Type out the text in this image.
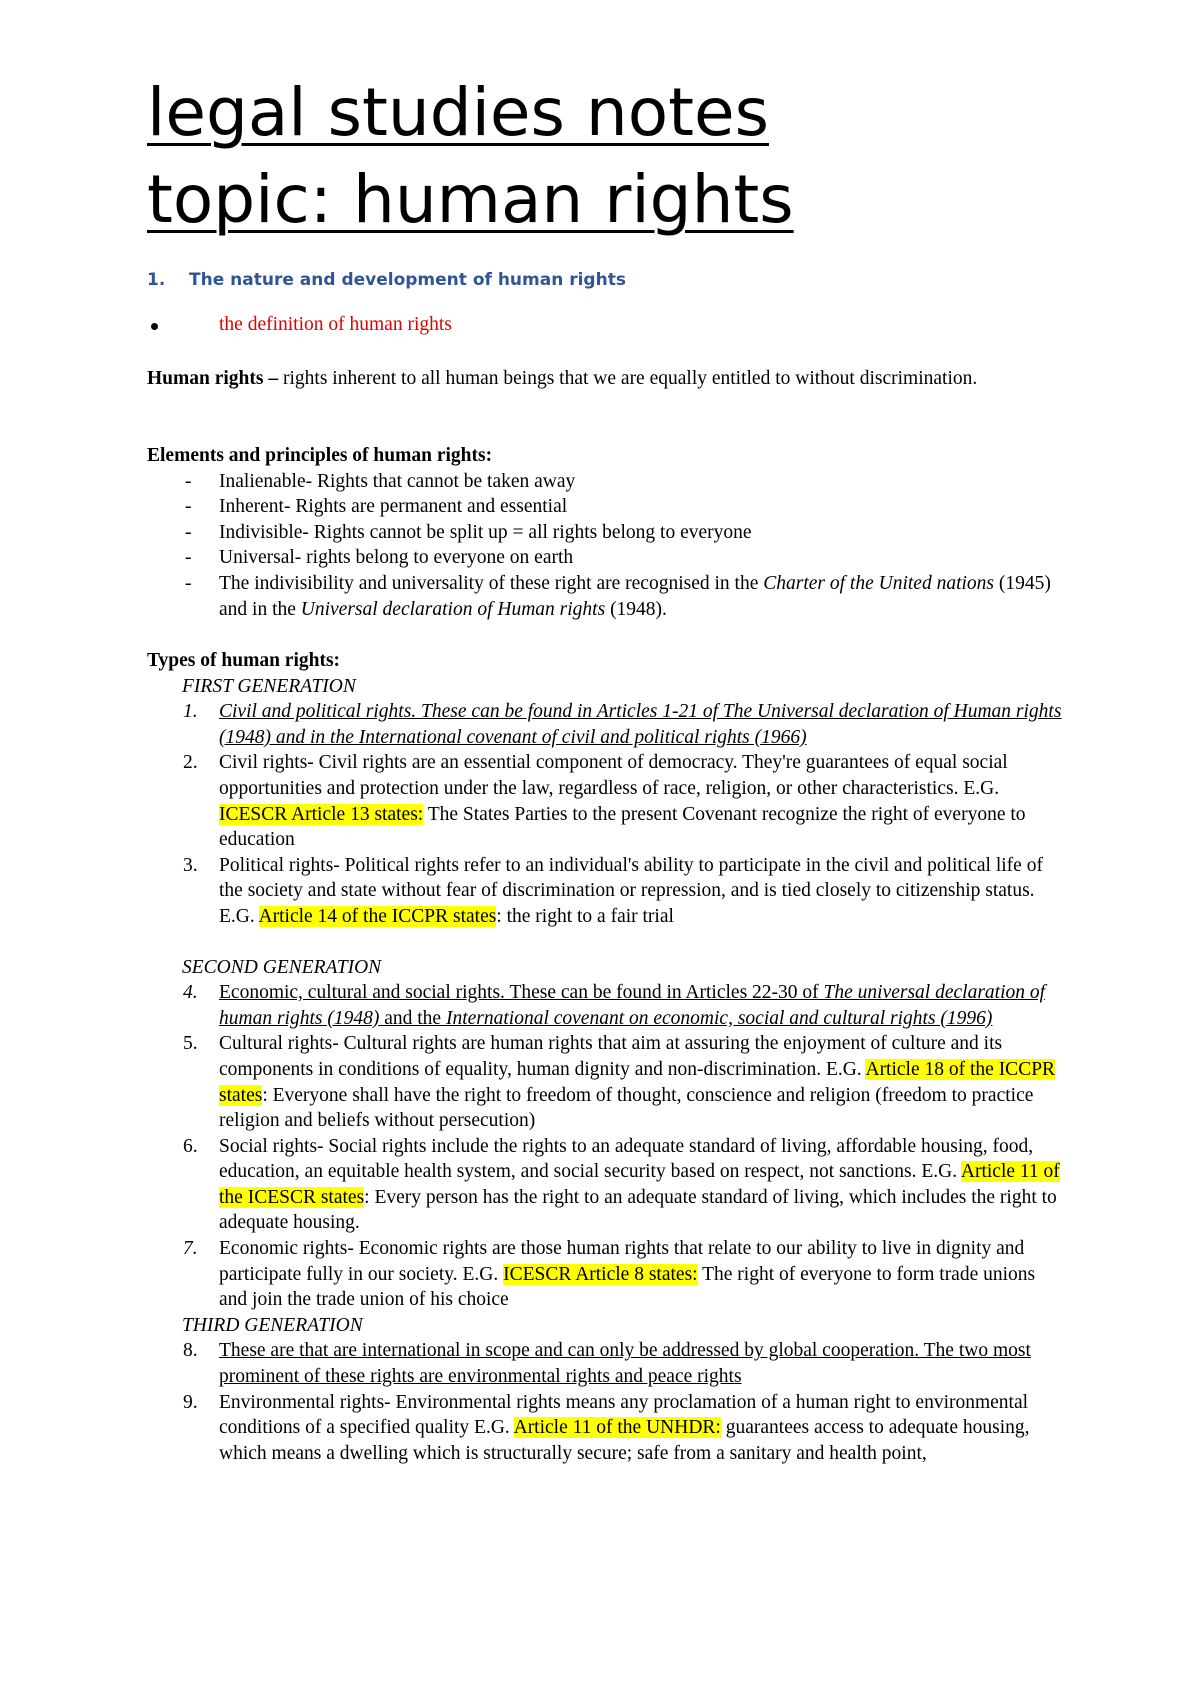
legal studies notes
topic: human rights
1. The nature and development of human rights
the definition of human rights

Human rights – rights inherent to all human beings that we are equally entitled to without discrimination.

Elements and principles of human rights:

- Inalienable- Rights that cannot be taken away
- Inherent- Rights are permanent and essential
- Indivisible- Rights cannot be split up = all rights belong to everyone
- Universal- rights belong to everyone on earth
- The indivisibility and universality of these right are recognised in the Charter of the United nations (1945) and in the Universal declaration of Human rights (1948).

Types of human rights:

FIRST GENERATION

1. Civil and political rights. These can be found in Articles 1-21 of The Universal declaration of Human rights (1948) and in the International covenant of civil and political rights (1966)
2. Civil rights- Civil rights are an essential component of democracy. They're guarantees of equal social opportunities and protection under the law, regardless of race, religion, or other characteristics. E.G. ICESCR Article 13 states: The States Parties to the present Covenant recognize the right of everyone to education
3. Political rights- Political rights refer to an individual's ability to participate in the civil and political life of the society and state without fear of discrimination or repression, and is tied closely to citizenship status. E.G. Article 14 of the ICCPR states: the right to a fair trial

SECOND GENERATION

4. Economic, cultural and social rights. These can be found in Articles 22-30 of The universal declaration of human rights (1948) and the International covenant on economic, social and cultural rights (1996)
5. Cultural rights- Cultural rights are human rights that aim at assuring the enjoyment of culture and its components in conditions of equality, human dignity and non-discrimination. E.G. Article 18 of the ICCPR states: Everyone shall have the right to freedom of thought, conscience and religion (freedom to practice religion and beliefs without persecution)
6. Social rights- Social rights include the rights to an adequate standard of living, affordable housing, food, education, an equitable health system, and social security based on respect, not sanctions. E.G. Article 11 of the ICESCR states: Every person has the right to an adequate standard of living, which includes the right to adequate housing.
7. Economic rights- Economic rights are those human rights that relate to our ability to live in dignity and participate fully in our society. E.G. ICESCR Article 8 states: The right of everyone to form trade unions and join the trade union of his choice

THIRD GENERATION

8. These are that are international in scope and can only be addressed by global cooperation. The two most prominent of these rights are environmental rights and peace rights
9. Environmental rights- Environmental rights means any proclamation of a human right to environmental conditions of a specified quality E.G. Article 11 of the UNHDR: guarantees access to adequate housing, which means a dwelling which is structurally secure; safe from a sanitary and health point,
